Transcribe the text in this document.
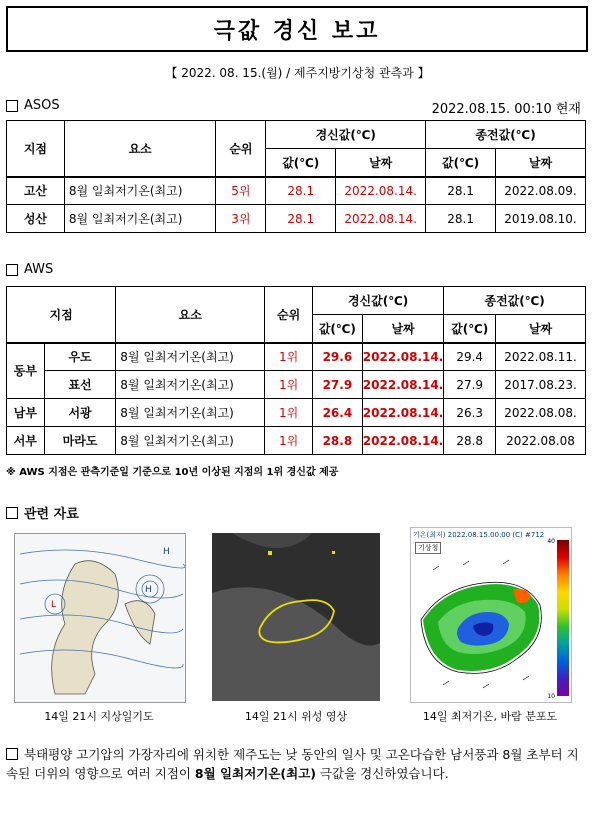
극값 경신 보고
【 2022. 08. 15.(월) / 제주지방기상청 관측과 】
ASOS	2022.08.15. 00:10 현재
지점	요소	순위	경신값(℃)		종전값(℃)	
			값(℃)	날짜	값(℃)	날짜
고산	8월 일최저기온(최고)	5위	28.1	2022.08.14.	28.1	2022.08.09.
성산	8월 일최저기온(최고)	3위	28.1	2022.08.14.	28.1	2019.08.10.
AWS
지점		요소	순위	경신값(℃)		종전값(℃)	
				값(℃)	날짜	값(℃)	날짜
동부	우도	8월 일최저기온(최고)	1위	29.6	2022.08.14.	29.4	2022.08.11.
	표선	8월 일최저기온(최고)	1위	27.9	2022.08.14.	27.9	2017.08.23.
남부	서광	8월 일최저기온(최고)	1위	26.4	2022.08.14.	26.3	2022.08.08.
서부	마라도	8월 일최저기온(최고)	1위	28.8	2022.08.14.	28.8	2022.08.08
※ AWS 지점은 관측기준일 기준으로 10년 이상된 지점의 1위 경신값 제공
관련 자료
H
L
H
14일 21시 지상일기도	14일 21시 위성 영상
기온(최저) 2022.08.15.00:00 (C) #712
기상청
40
10
14일 최저기온, 바람 분포도
북태평양 고기압의 가장자리에 위치한 제주도는 낮 동안의 일사 및 고온다습한 남서풍과 8월 초부터 지속된 더위의 영향으로 여러 지점이 8월 일최저기온(최고) 극값을 경신하였습니다.
